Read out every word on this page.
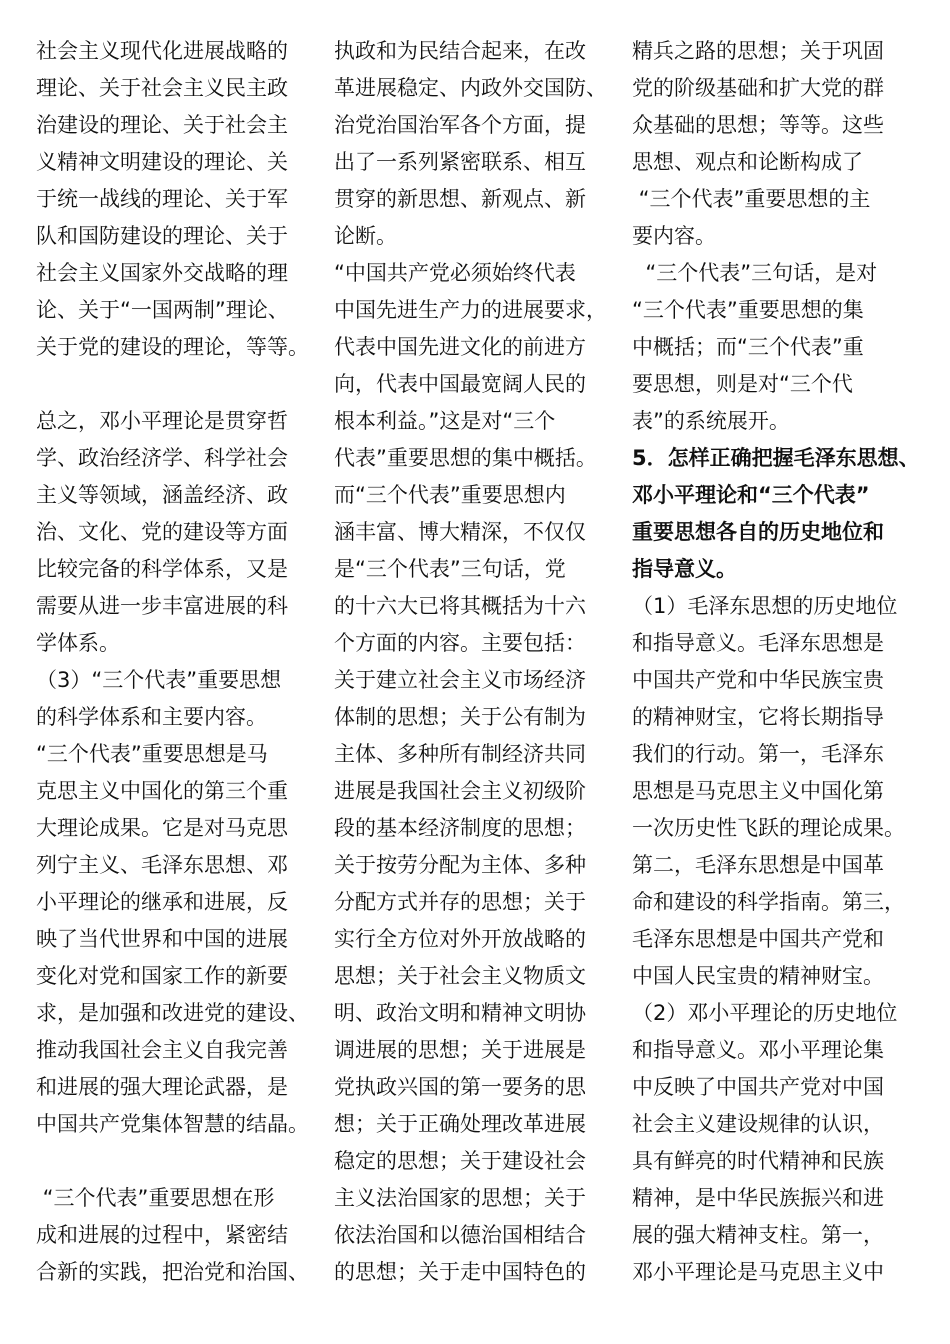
社会主义现代化进展战略的
理论、关于社会主义民主政
治建设的理论、关于社会主
义精神文明建设的理论、关
于统一战线的理论、关于军
队和国防建设的理论、关于
社会主义国家外交战略的理
论、关于“一国两制”理论、
关于党的建设的理论，等等。
总之，邓小平理论是贯穿哲
学、政治经济学、科学社会
主义等领域，涵盖经济、政
治、文化、党的建设等方面
比较完备的科学体系，又是
需要从进一步丰富进展的科
学体系。
（3）“三个代表”重要思想
的科学体系和主要内容。
“三个代表”重要思想是马
克思主义中国化的第三个重
大理论成果。它是对马克思
列宁主义、毛泽东思想、邓
小平理论的继承和进展，反
映了当代世界和中国的进展
变化对党和国家工作的新要
求，是加强和改进党的建设、
推动我国社会主义自我完善
和进展的强大理论武器，是
中国共产党集体智慧的结晶。
“三个代表”重要思想在形
成和进展的过程中，紧密结
合新的实践，把治党和治国、
执政和为民结合起来，在改
革进展稳定、内政外交国防、
治党治国治军各个方面，提
出了一系列紧密联系、相互
贯穿的新思想、新观点、新
论断。
“中国共产党必须始终代表
中国先进生产力的进展要求，
代表中国先进文化的前进方
向，代表中国最宽阔人民的
根本利益。”这是对“三个
代表”重要思想的集中概括。
而“三个代表”重要思想内
涵丰富、博大精深，不仅仅
是“三个代表”三句话，党
的十六大已将其概括为十六
个方面的内容。主要包括：
关于建立社会主义市场经济
体制的思想；关于公有制为
主体、多种所有制经济共同
进展是我国社会主义初级阶
段的基本经济制度的思想；
关于按劳分配为主体、多种
分配方式并存的思想；关于
实行全方位对外开放战略的
思想；关于社会主义物质文
明、政治文明和精神文明协
调进展的思想；关于进展是
党执政兴国的第一要务的思
想；关于正确处理改革进展
稳定的思想；关于建设社会
主义法治国家的思想；关于
依法治国和以德治国相结合
的思想；关于走中国特色的
精兵之路的思想；关于巩固
党的阶级基础和扩大党的群
众基础的思想；等等。这些
思想、观点和论断构成了
“三个代表”重要思想的主
要内容。
“三个代表”三句话，是对
“三个代表”重要思想的集
中概括；而“三个代表”重
要思想，则是对“三个代
表”的系统展开。
5．怎样正确把握毛泽东思想、
邓小平理论和“三个代表”
重要思想各自的历史地位和
指导意义。
（1）毛泽东思想的历史地位
和指导意义。毛泽东思想是
中国共产党和中华民族宝贵
的精神财宝，它将长期指导
我们的行动。第一，毛泽东
思想是马克思主义中国化第
一次历史性飞跃的理论成果。
第二，毛泽东思想是中国革
命和建设的科学指南。第三，
毛泽东思想是中国共产党和
中国人民宝贵的精神财宝。
（2）邓小平理论的历史地位
和指导意义。邓小平理论集
中反映了中国共产党对中国
社会主义建设规律的认识，
具有鲜亮的时代精神和民族
精神，是中华民族振兴和进
展的强大精神支柱。第一，
邓小平理论是马克思主义中
